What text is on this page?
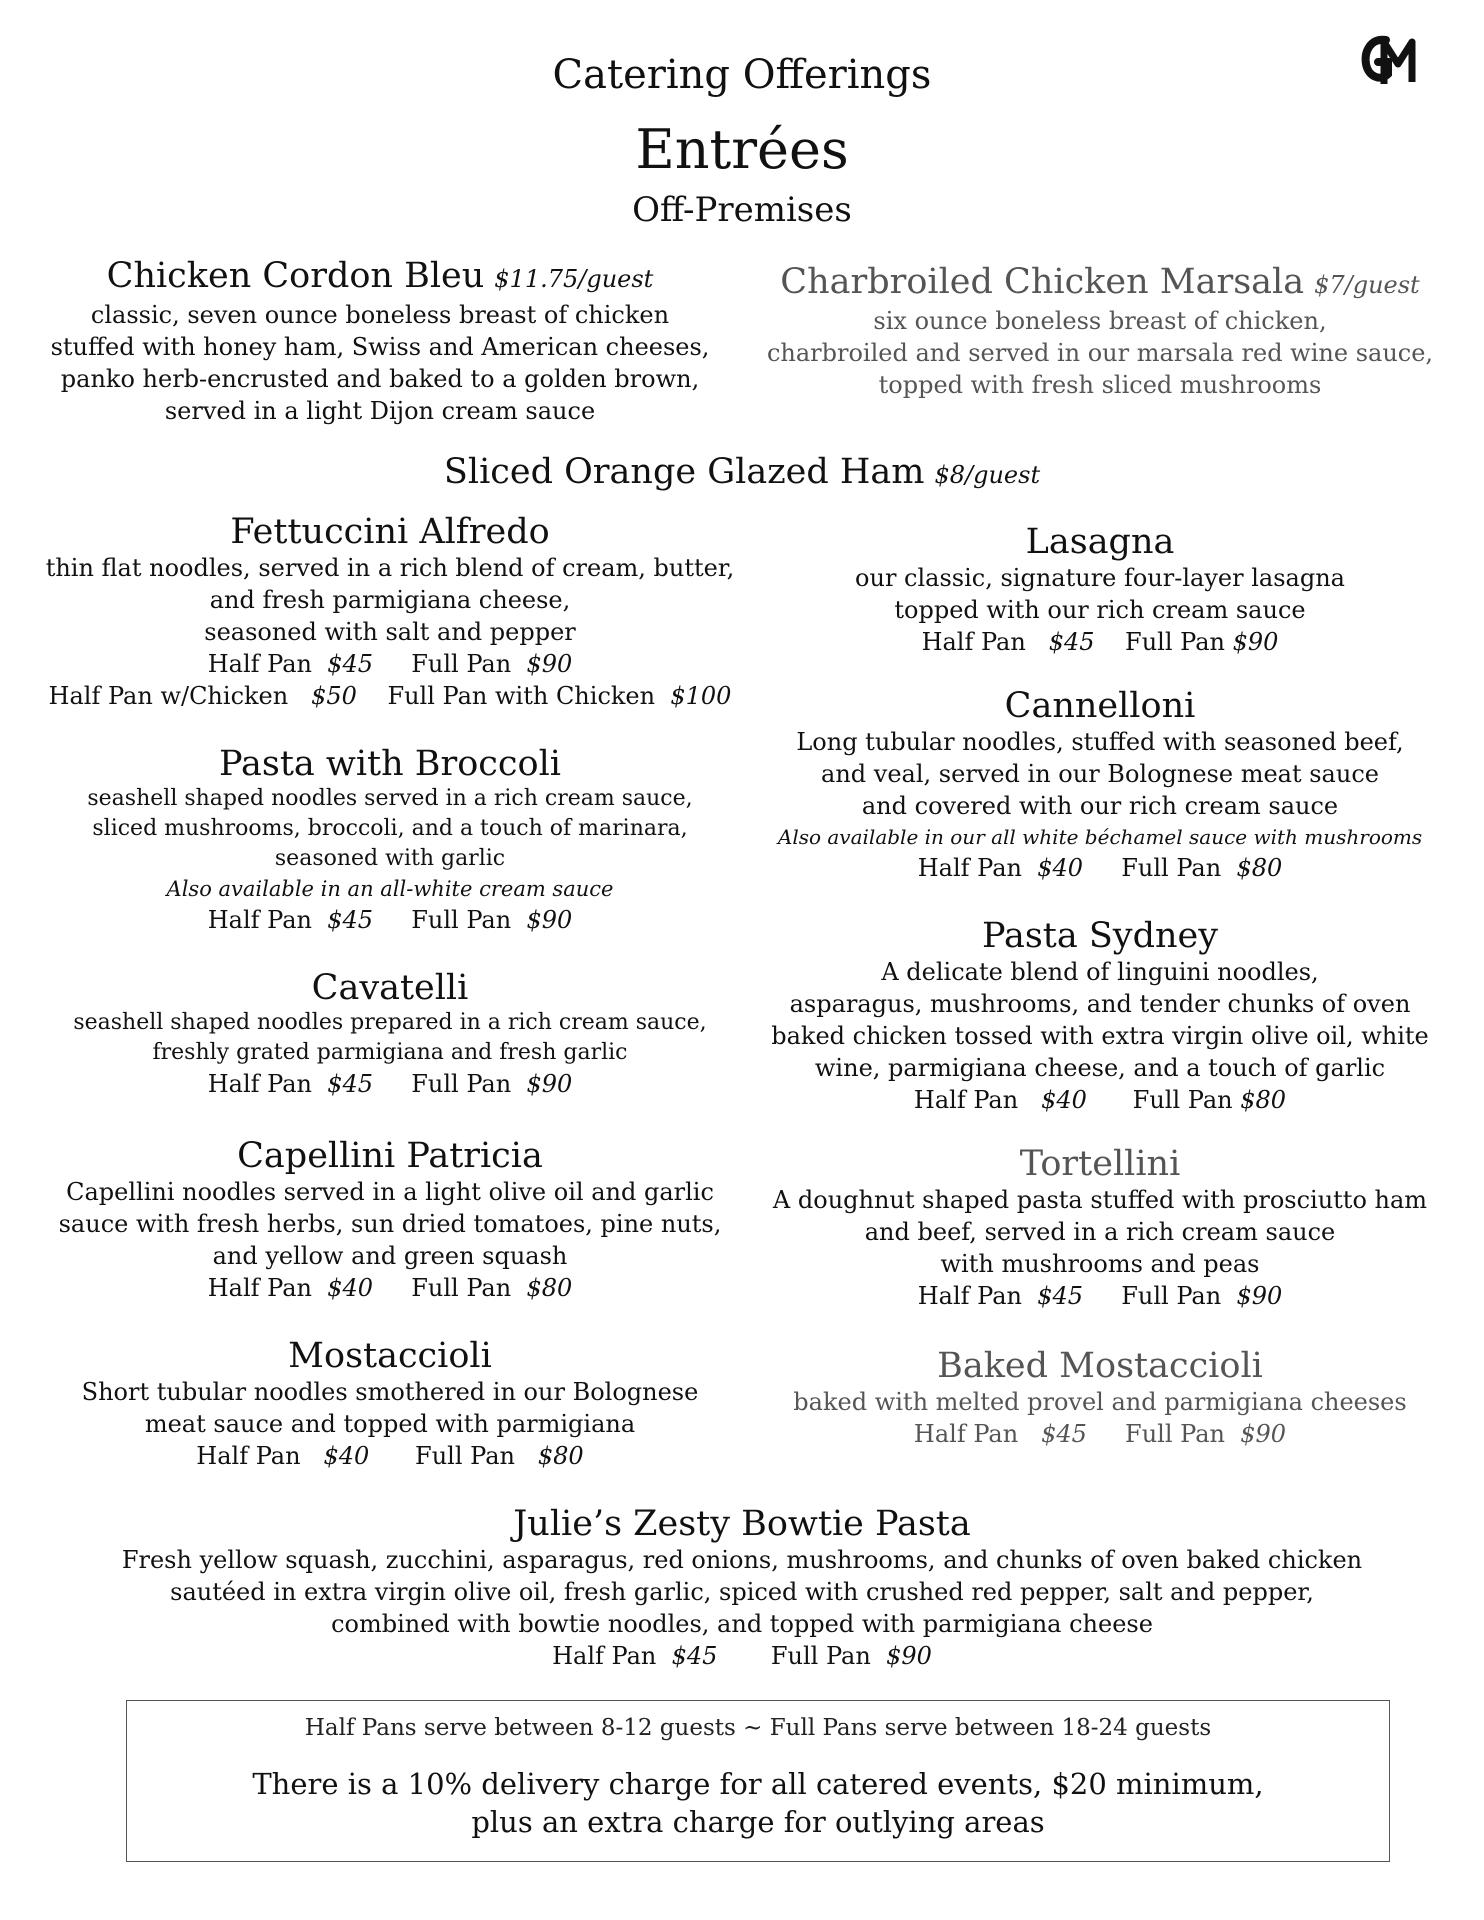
Catering Offerings
Entrées
Off-Premises
Chicken Cordon Bleu $11.75/guest
classic, seven ounce boneless breast of chicken
stuffed with honey ham, Swiss and American cheeses,
panko herb-encrusted and baked to a golden brown,
served in a light Dijon cream sauce
Charbroiled Chicken Marsala $7/guest
six ounce boneless breast of chicken,
charbroiled and served in our marsala red wine sauce,
topped with fresh sliced mushrooms
Sliced Orange Glazed Ham $8/guest
Fettuccini Alfredo
thin flat noodles, served in a rich blend of cream, butter,
and fresh parmigiana cheese,
seasoned with salt and pepper
Half Pan $45 Full Pan $90
Half Pan w/Chicken $50 Full Pan with Chicken $100
Pasta with Broccoli
seashell shaped noodles served in a rich cream sauce,
sliced mushrooms, broccoli, and a touch of marinara,
seasoned with garlic
Also available in an all-white cream sauce
Half Pan $45 Full Pan $90
Cavatelli
seashell shaped noodles prepared in a rich cream sauce,
freshly grated parmigiana and fresh garlic
Half Pan $45 Full Pan $90
Capellini Patricia
Capellini noodles served in a light olive oil and garlic
sauce with fresh herbs, sun dried tomatoes, pine nuts,
and yellow and green squash
Half Pan $40 Full Pan $80
Mostaccioli
Short tubular noodles smothered in our Bolognese
meat sauce and topped with parmigiana
Half Pan $40 Full Pan $80
Lasagna
our classic, signature four-layer lasagna
topped with our rich cream sauce
Half Pan $45 Full Pan $90
Cannelloni
Long tubular noodles, stuffed with seasoned beef,
and veal, served in our Bolognese meat sauce
and covered with our rich cream sauce
Also available in our all white béchamel sauce with mushrooms
Half Pan $40 Full Pan $80
Pasta Sydney
A delicate blend of linguini noodles,
asparagus, mushrooms, and tender chunks of oven
baked chicken tossed with extra virgin olive oil, white
wine, parmigiana cheese, and a touch of garlic
Half Pan $40 Full Pan $80
Tortellini
A doughnut shaped pasta stuffed with prosciutto ham
and beef, served in a rich cream sauce
with mushrooms and peas
Half Pan $45 Full Pan $90
Baked Mostaccioli
baked with melted provel and parmigiana cheeses
Half Pan $45 Full Pan $90
Julie’s Zesty Bowtie Pasta
Fresh yellow squash, zucchini, asparagus, red onions, mushrooms, and chunks of oven baked chicken
sautéed in extra virgin olive oil, fresh garlic, spiced with crushed red pepper, salt and pepper,
combined with bowtie noodles, and topped with parmigiana cheese
Half Pan $45 Full Pan $90
Half Pans serve between 8-12 guests ~ Full Pans serve between 18-24 guests
There is a 10% delivery charge for all catered events, $20 minimum,
plus an extra charge for outlying areas
